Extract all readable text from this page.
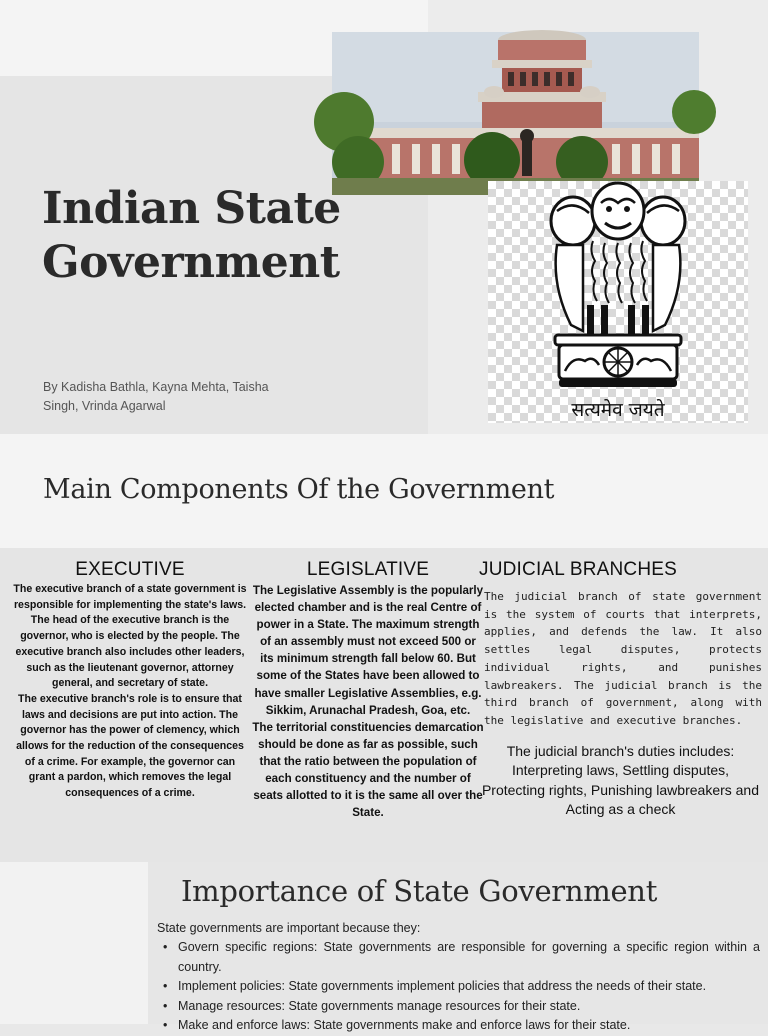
सत्यमेव जयते
Indian State
Government

By Kadisha Bathla, Kayna Mehta, Taisha Singh, Vrinda Agarwal

Main Components Of the Government
EXECUTIVE

The executive branch of a state government is responsible for implementing the state's laws. The head of the executive branch is the governor, who is elected by the people. The executive branch also includes other leaders, such as the lieutenant governor, attorney general, and secretary of state.

The executive branch's role is to ensure that laws and decisions are put into action. The governor has the power of clemency, which allows for the reduction of the consequences of a crime. For example, the governor can grant a pardon, which removes the legal consequences of a crime.

LEGISLATIVE

The Legislative Assembly is the popularly elected chamber and is the real Centre of power in a State. The maximum strength of an assembly must not exceed 500 or its minimum strength fall below 60. But some of the States have been allowed to have smaller Legislative Assemblies, e.g. Sikkim, Arunachal Pradesh, Goa, etc.

The territorial constituencies demarcation should be done as far as possible, such that the ratio between the population of each constituency and the number of seats allotted to it is the same all over the State.

JUDICIAL BRANCHES

The judicial branch of state government is the system of courts that interprets, applies, and defends the law. It also settles legal disputes, protects individual rights, and punishes lawbreakers. The judicial branch is the third branch of government, along with the legislative and executive branches.

The judicial branch's duties includes: Interpreting laws, Settling disputes, Protecting rights, Punishing lawbreakers and Acting as a check

Importance of State Government

State governments are important because they:

• Govern specific regions: State governments are responsible for governing a specific region within a country.
• Implement policies: State governments implement policies that address the needs of their state.
• Manage resources: State governments manage resources for their state.
• Make and enforce laws: State governments make and enforce laws for their state.
